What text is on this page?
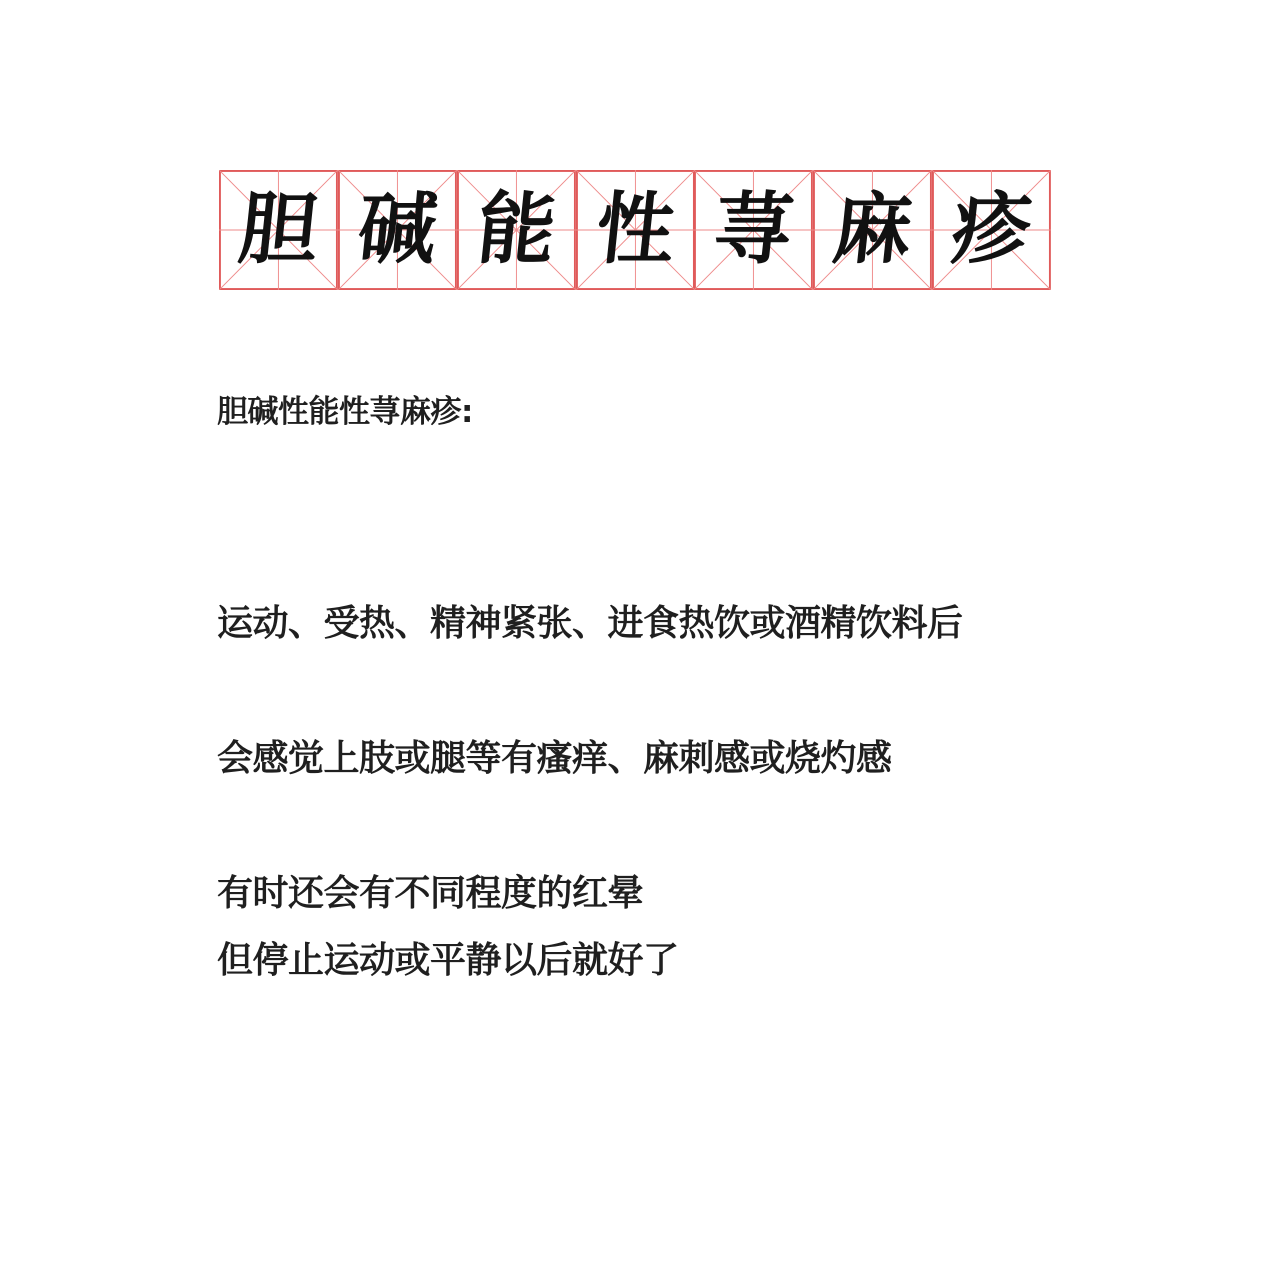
胆 碱 能 性 荨 麻 疹
胆碱性能性荨麻疹:
运动、受热、精神紧张、进食热饮或酒精饮料后
会感觉上肢或腿等有瘙痒、麻刺感或烧灼感
有时还会有不同程度的红晕
但停止运动或平静以后就好了
